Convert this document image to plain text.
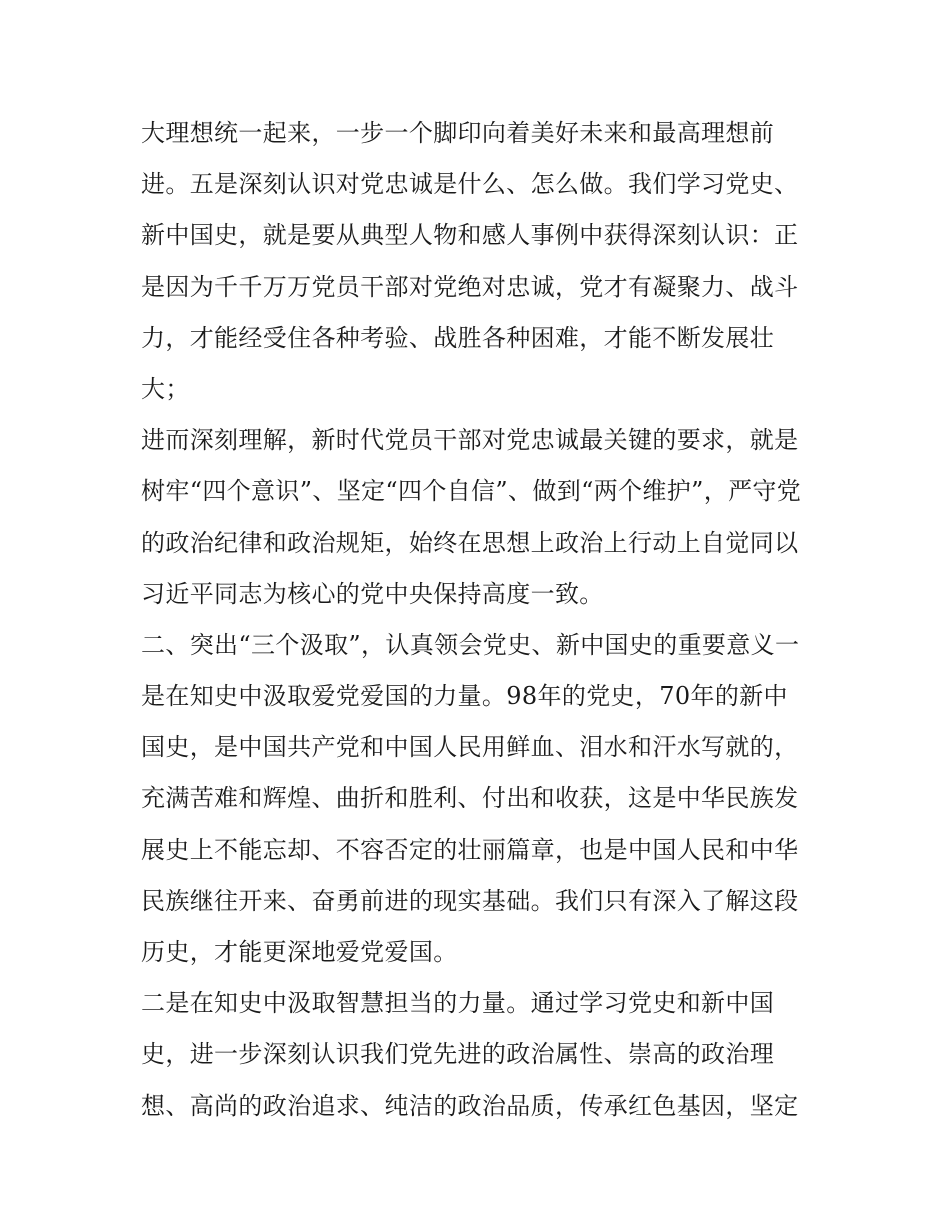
大理想统一起来，一步一个脚印向着美好未来和最高理想前
进。五是深刻认识对党忠诚是什么、怎么做。我们学习党史、
新中国史，就是要从典型人物和感人事例中获得深刻认识：正
是因为千千万万党员干部对党绝对忠诚，党才有凝聚力、战斗
力，才能经受住各种考验、战胜各种困难，才能不断发展壮
大；
进而深刻理解，新时代党员干部对党忠诚最关键的要求，就是
树牢“四个意识”、坚定“四个自信”、做到“两个维护”，严守党
的政治纪律和政治规矩，始终在思想上政治上行动上自觉同以
习近平同志为核心的党中央保持高度一致。
二、突出“三个汲取”，认真领会党史、新中国史的重要意义一
是在知史中汲取爱党爱国的力量。98年的党史，70年的新中
国史，是中国共产党和中国人民用鲜血、泪水和汗水写就的，
充满苦难和辉煌、曲折和胜利、付出和收获，这是中华民族发
展史上不能忘却、不容否定的壮丽篇章，也是中国人民和中华
民族继往开来、奋勇前进的现实基础。我们只有深入了解这段
历史，才能更深地爱党爱国。
二是在知史中汲取智慧担当的力量。通过学习党史和新中国
史，进一步深刻认识我们党先进的政治属性、崇高的政治理
想、高尚的政治追求、纯洁的政治品质，传承红色基因，坚定
